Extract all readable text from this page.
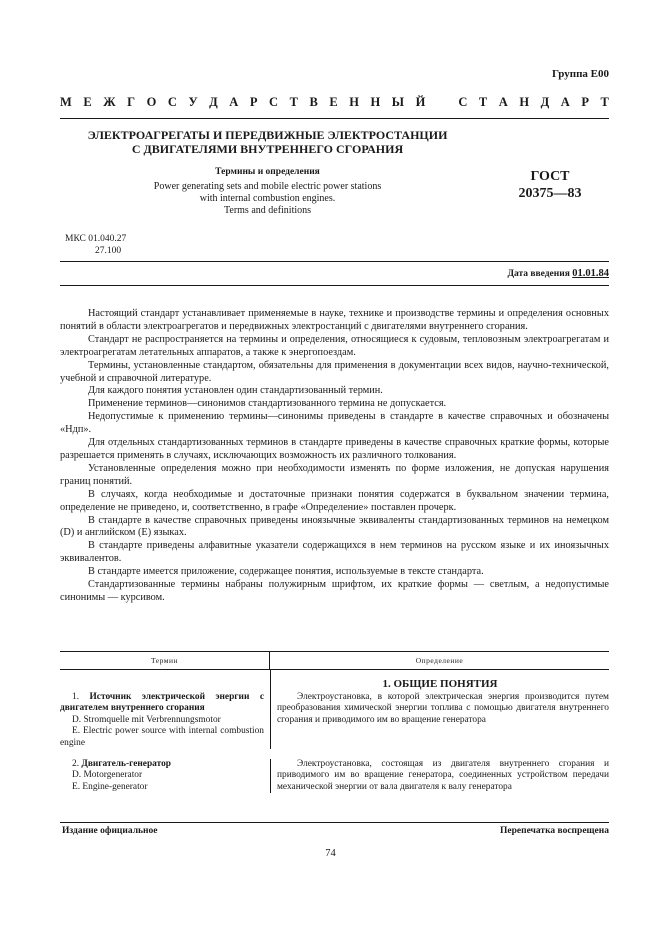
Группа Е00
М Е Ж Г О С У Д А Р С Т В Е Н Н Ы Й	С Т А Н Д А Р Т
ЭЛЕКТРОАГРЕГАТЫ И ПЕРЕДВИЖНЫЕ ЭЛЕКТРОСТАНЦИИ
С ДВИГАТЕЛЯМИ ВНУТРЕННЕГО СГОРАНИЯ
Термины и определения
Power generating sets and mobile electric power stations
with internal combustion engines.
Terms and definitions
ГОСТ
20375—83
МКС 01.040.27
27.100
Дата введения 01.01.84

Настоящий стандарт устанавливает применяемые в науке, технике и производстве термины и определения основных понятий в области электроагрегатов и передвижных электростанций с двигателями внутреннего сгорания.

Стандарт не распространяется на термины и определения, относящиеся к судовым, тепловозным электроагрегатам и электроагрегатам летательных аппаратов, а также к энергопоездам.

Термины, установленные стандартом, обязательны для применения в документации всех видов, научно-технической, учебной и справочной литературе.

Для каждого понятия установлен один стандартизованный термин.

Применение терминов—синонимов стандартизованного термина не допускается.

Недопустимые к применению термины—синонимы приведены в стандарте в качестве справочных и обозначены «Ндп».

Для отдельных стандартизованных терминов в стандарте приведены в качестве справочных краткие формы, которые разрешается применять в случаях, исключающих возможность их различного толкования.

Установленные определения можно при необходимости изменять по форме изложения, не допуская нарушения границ понятий.

В случаях, когда необходимые и достаточные признаки понятия содержатся в буквальном значении термина, определение не приведено, и, соответственно, в графе «Определение» поставлен прочерк.

В стандарте в качестве справочных приведены иноязычные эквиваленты стандартизованных терминов на немецком (D) и английском (E) языках.

В стандарте приведены алфавитные указатели содержащихся в нем терминов на русском языке и их иноязычных эквивалентов.

В стандарте имеется приложение, содержащее понятия, используемые в тексте стандарта.

Стандартизованные термины набраны полужирным шрифтом, их краткие формы — светлым, а недопустимые синонимы — курсивом.

Термин	Определение
1. ОБЩИЕ ПОНЯТИЯ
1. Источник электрической энергии с двигателем внутреннего сгорания
D. Stromquelle mit Verbrennungsmotor
E. Electric power source with internal combustion engine
Электроустановка, в которой электрическая энергия производится путем преобразования химической энергии топлива с помощью двигателя внутреннего сгорания и приводимого им во вращение генератора
2. Двигатель-генератор
D. Motorgenerator
E. Engine-generator
Электроустановка, состоящая из двигателя внутреннего сгорания и приводимого им во вращение генератора, соединенных устройством передачи механической энергии от вала двигателя к валу генератора
Издание официальное	Перепечатка воспрещена
74
